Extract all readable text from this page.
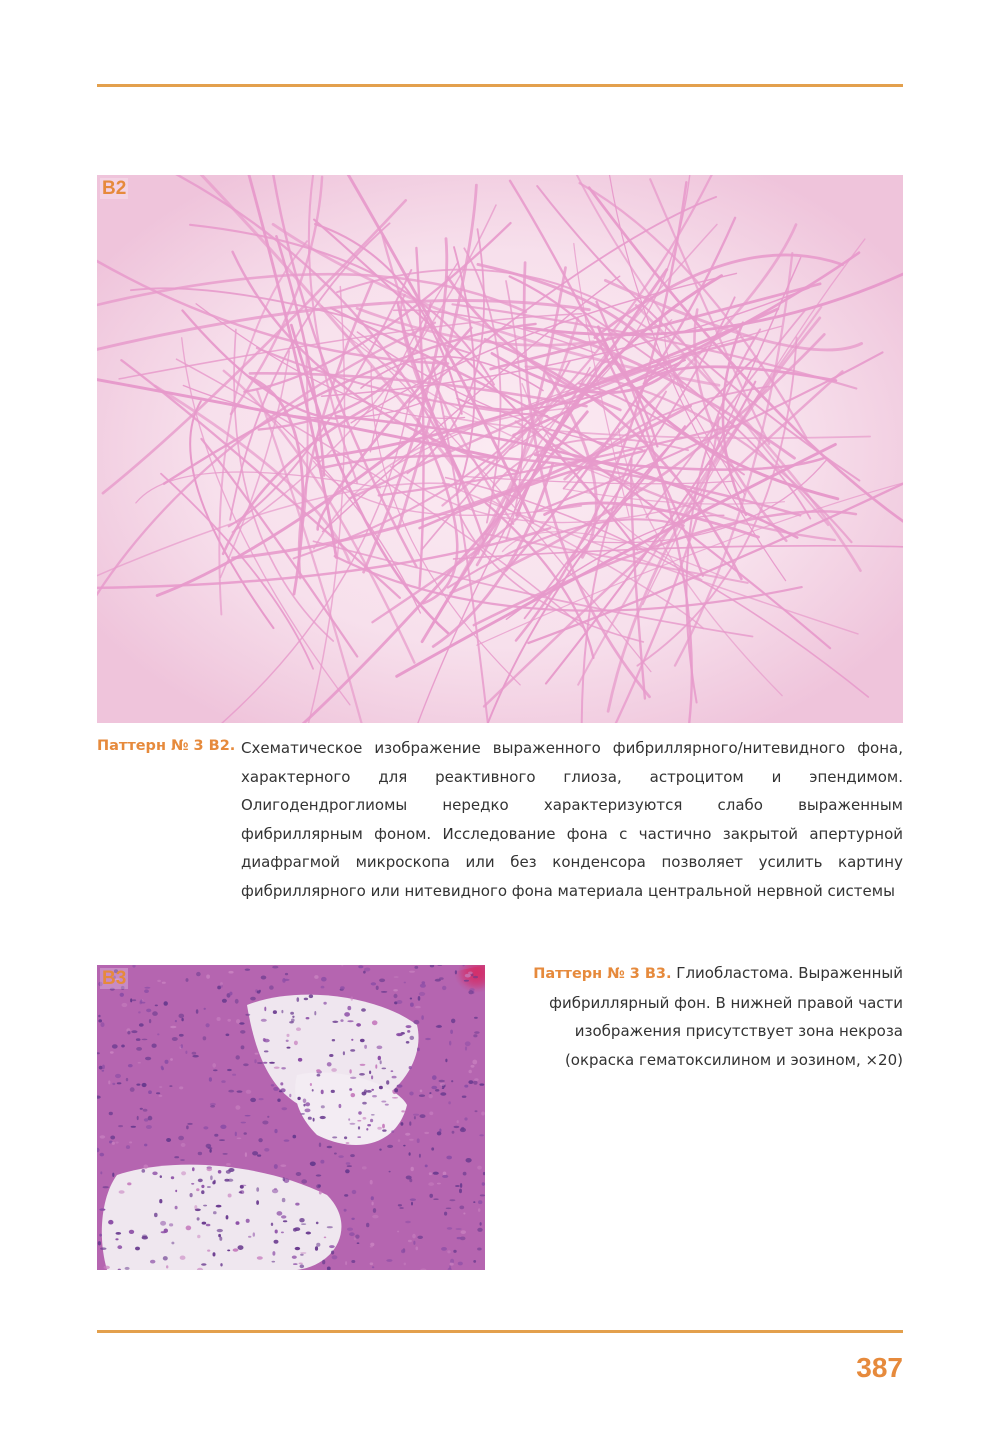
B2
Паттерн № 3 B2. Схематическое изображение выраженного фибриллярного/нитевидного фона, характерного для реактивного глиоза, астроцитом и эпендимом. Олигодендроглиомы нередко характеризуются слабо выраженным фибриллярным фоном. Исследование фона с частично закрытой апертурной диафрагмой микроскопа или без конденсора позволяет усилить картину фибриллярного или нитевидного фона материала центральной нервной системы

B3	Паттерн № 3 B3. Глиобластома. Выраженный фибриллярный фон. В нижней правой части изображения присутствует зона некроза (окраска гематоксилином и эозином, ×20)

387
